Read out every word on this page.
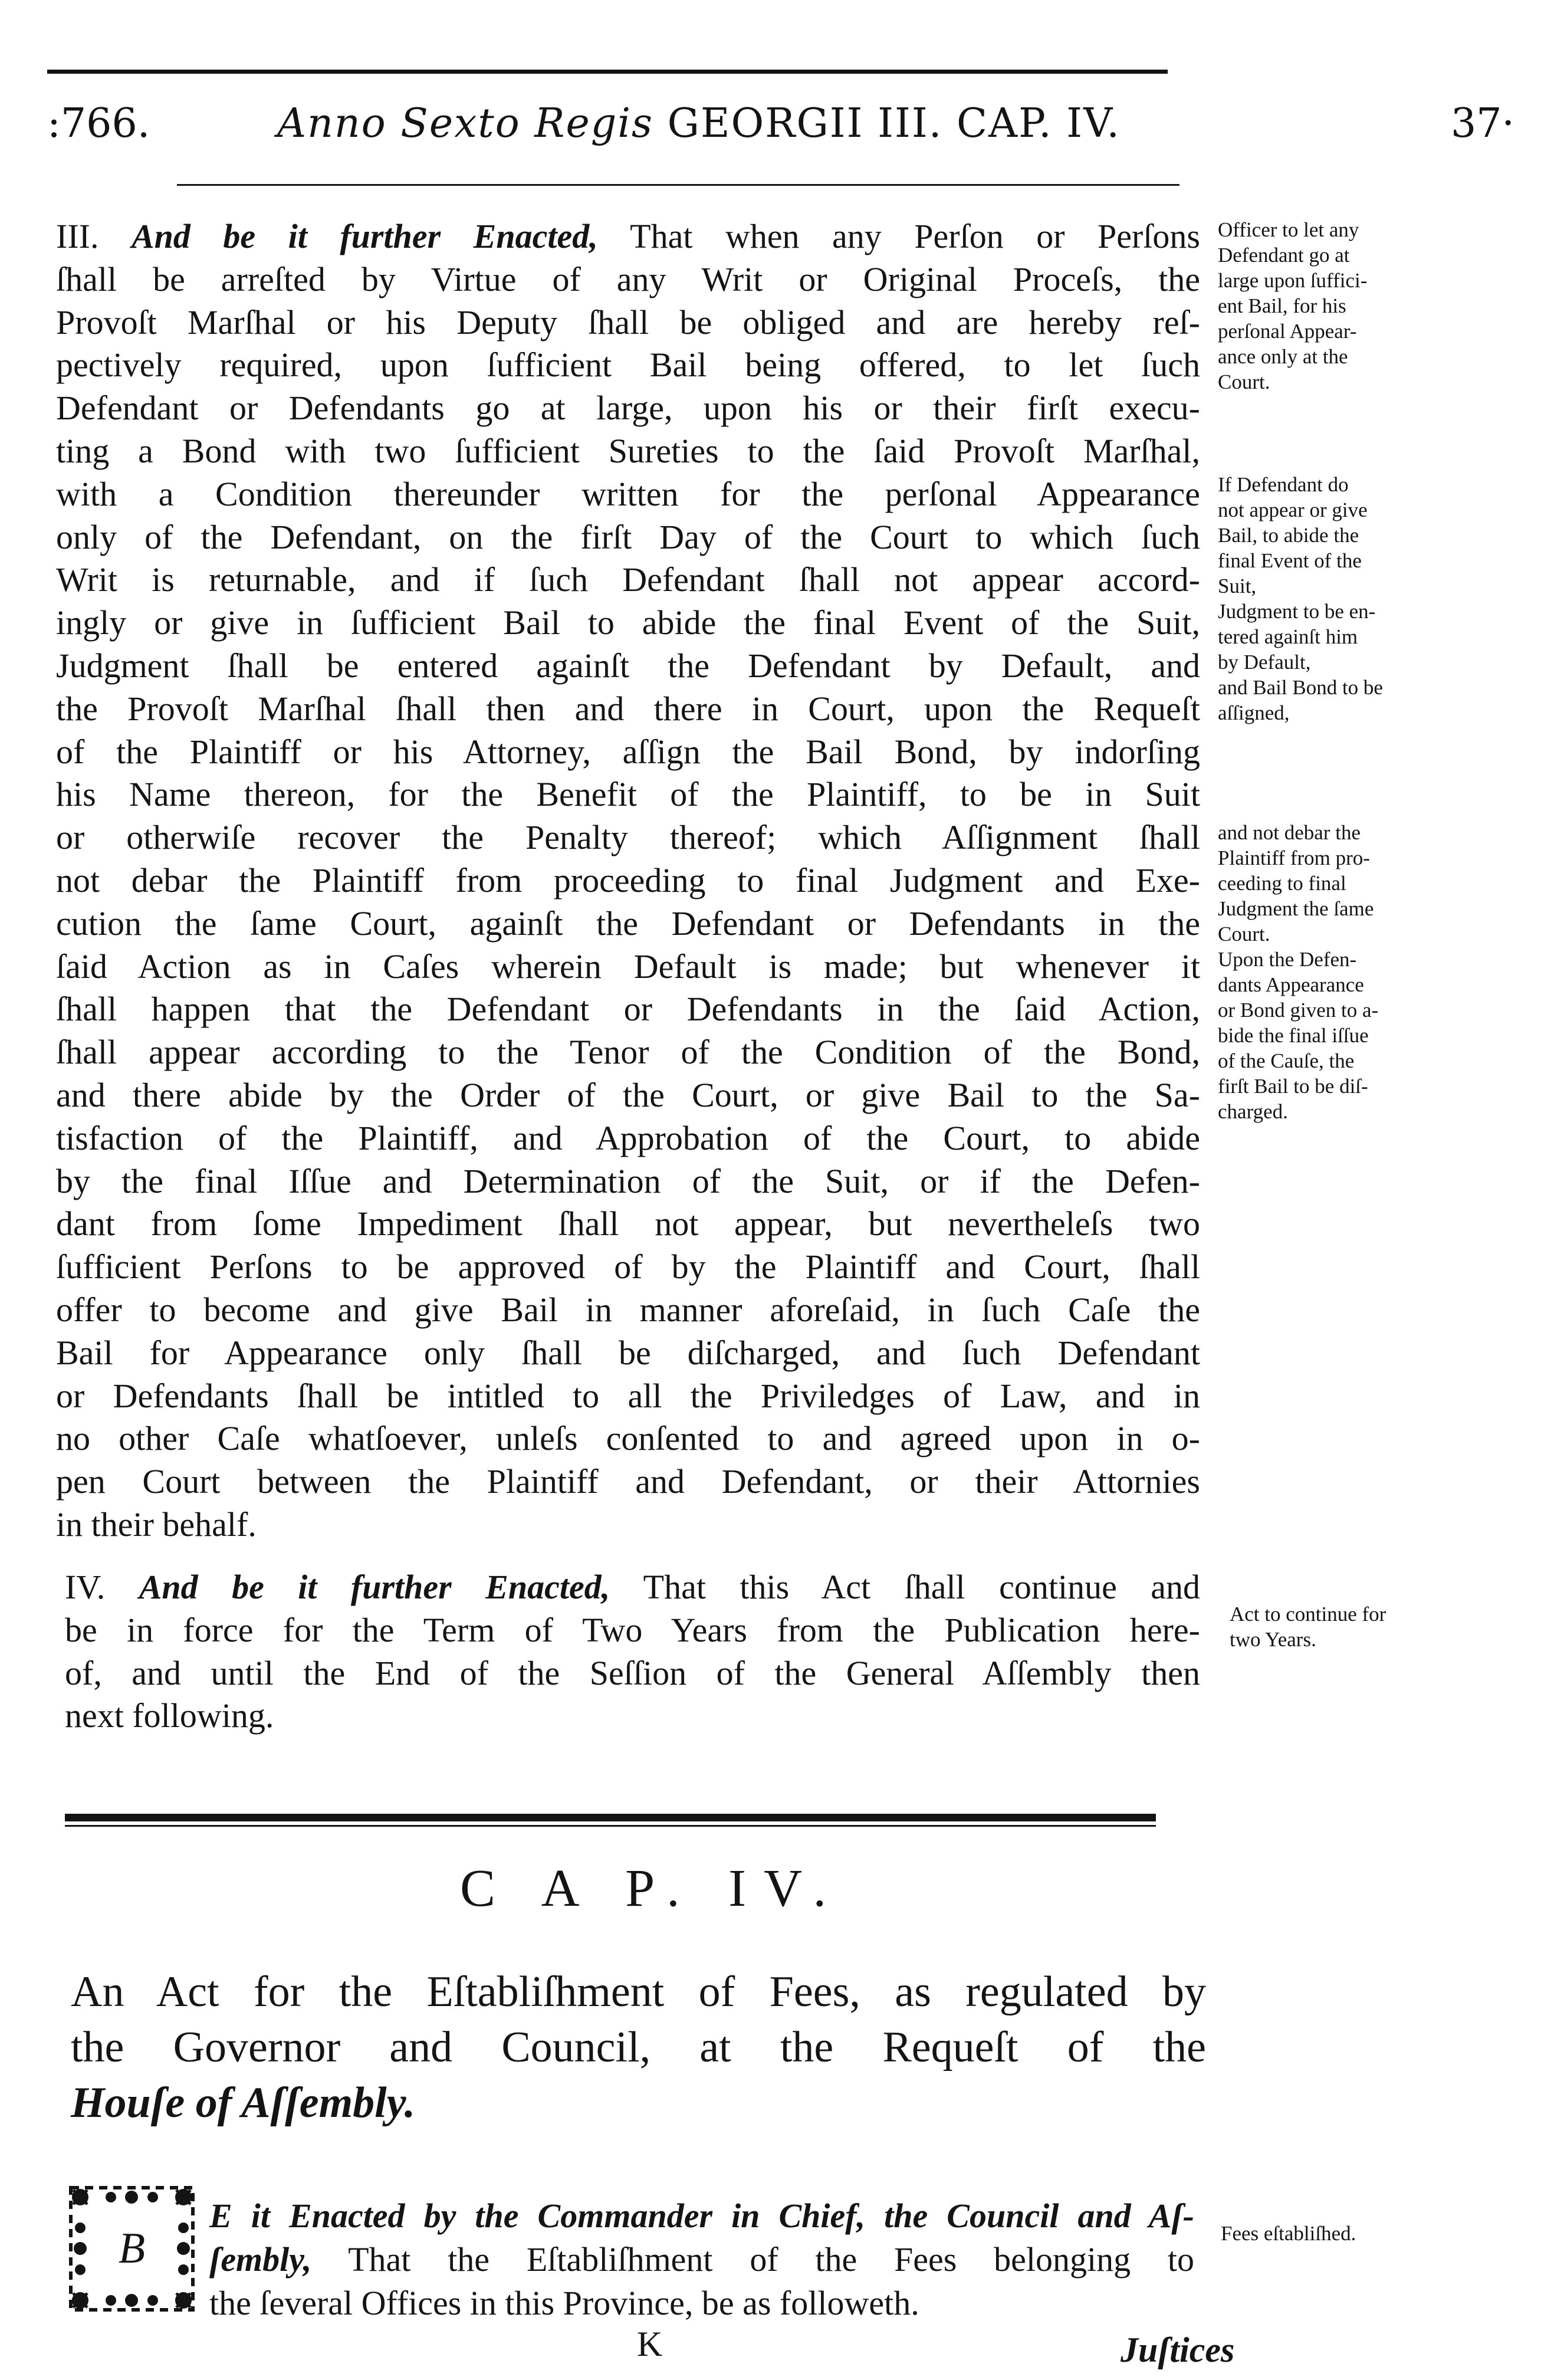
:766.	Anno Sexto Regis GEORGII III. CAP. IV.	37·
III. And be it further Enacted, That when any Perſon or Perſons
ſhall be arreſted by Virtue of any Writ or Original Proceſs, the
Provoſt Marſhal or his Deputy ſhall be obliged and are hereby reſ-
pectively required, upon ſufficient Bail being offered, to let ſuch
Defendant or Defendants go at large, upon his or their firſt execu-
ting a Bond with two ſufficient Sureties to the ſaid Provoſt Marſhal,
with a Condition thereunder written for the perſonal Appearance
only of the Defendant, on the firſt Day of the Court to which ſuch
Writ is returnable, and if ſuch Defendant ſhall not appear accord-
ingly or give in ſufficient Bail to abide the final Event of the Suit,
Judgment ſhall be entered againſt the Defendant by Default, and
the Provoſt Marſhal ſhall then and there in Court, upon the Requeſt
of the Plaintiff or his Attorney, aſſign the Bail Bond, by indorſing
his Name thereon, for the Benefit of the Plaintiff, to be in Suit
or otherwiſe recover the Penalty thereof; which Aſſignment ſhall
not debar the Plaintiff from proceeding to final Judgment and Exe-
cution the ſame Court, againſt the Defendant or Defendants in the
ſaid Action as in Caſes wherein Default is made; but whenever it
ſhall happen that the Defendant or Defendants in the ſaid Action,
ſhall appear according to the Tenor of the Condition of the Bond,
and there abide by the Order of the Court, or give Bail to the Sa-
tisfaction of the Plaintiff, and Approbation of the Court, to abide
by the final Iſſue and Determination of the Suit, or if the Defen-
dant from ſome Impediment ſhall not appear, but nevertheleſs two
ſufficient Perſons to be approved of by the Plaintiff and Court, ſhall
offer to become and give Bail in manner aforeſaid, in ſuch Caſe the
Bail for Appearance only ſhall be diſcharged, and ſuch Defendant
or Defendants ſhall be intitled to all the Priviledges of Law, and in
no other Caſe whatſoever, unleſs conſented to and agreed upon in o-
pen Court between the Plaintiff and Defendant, or their Attornies
in their behalf.
IV. And be it further Enacted, That this Act ſhall continue and
be in force for the Term of Two Years from the Publication here-
of, and until the End of the Seſſion of the General Aſſembly then
next following.
Officer to let any
Defendant go at
large upon ſuffici-
ent Bail, for his
perſonal Appear-
ance only at the
Court.
If Defendant do
not appear or give
Bail, to abide the
final Event of the
Suit,
Judgment to be en-
tered againſt him
by Default,
and Bail Bond to be
aſſigned,
and not debar the
Plaintiff from pro-
ceeding to final
Judgment the ſame
Court.
Upon the Defen-
dants Appearance
or Bond given to a-
bide the final iſſue
of the Cauſe, the
firſt Bail to be diſ-
charged.
Act to continue for
two Years.
Fees eſtabliſhed.
C A P. IV.
An Act for the Eſtabliſhment of Fees, as regulated by
the Governor and Council, at the Requeſt of the
Houſe of Aſſembly.
B
E it Enacted by the Commander in Chief, the Council and Aſ-
ſembly, That the Eſtabliſhment of the Fees belonging to
the ſeveral Offices in this Province, be as followeth.
K	Juſtices
